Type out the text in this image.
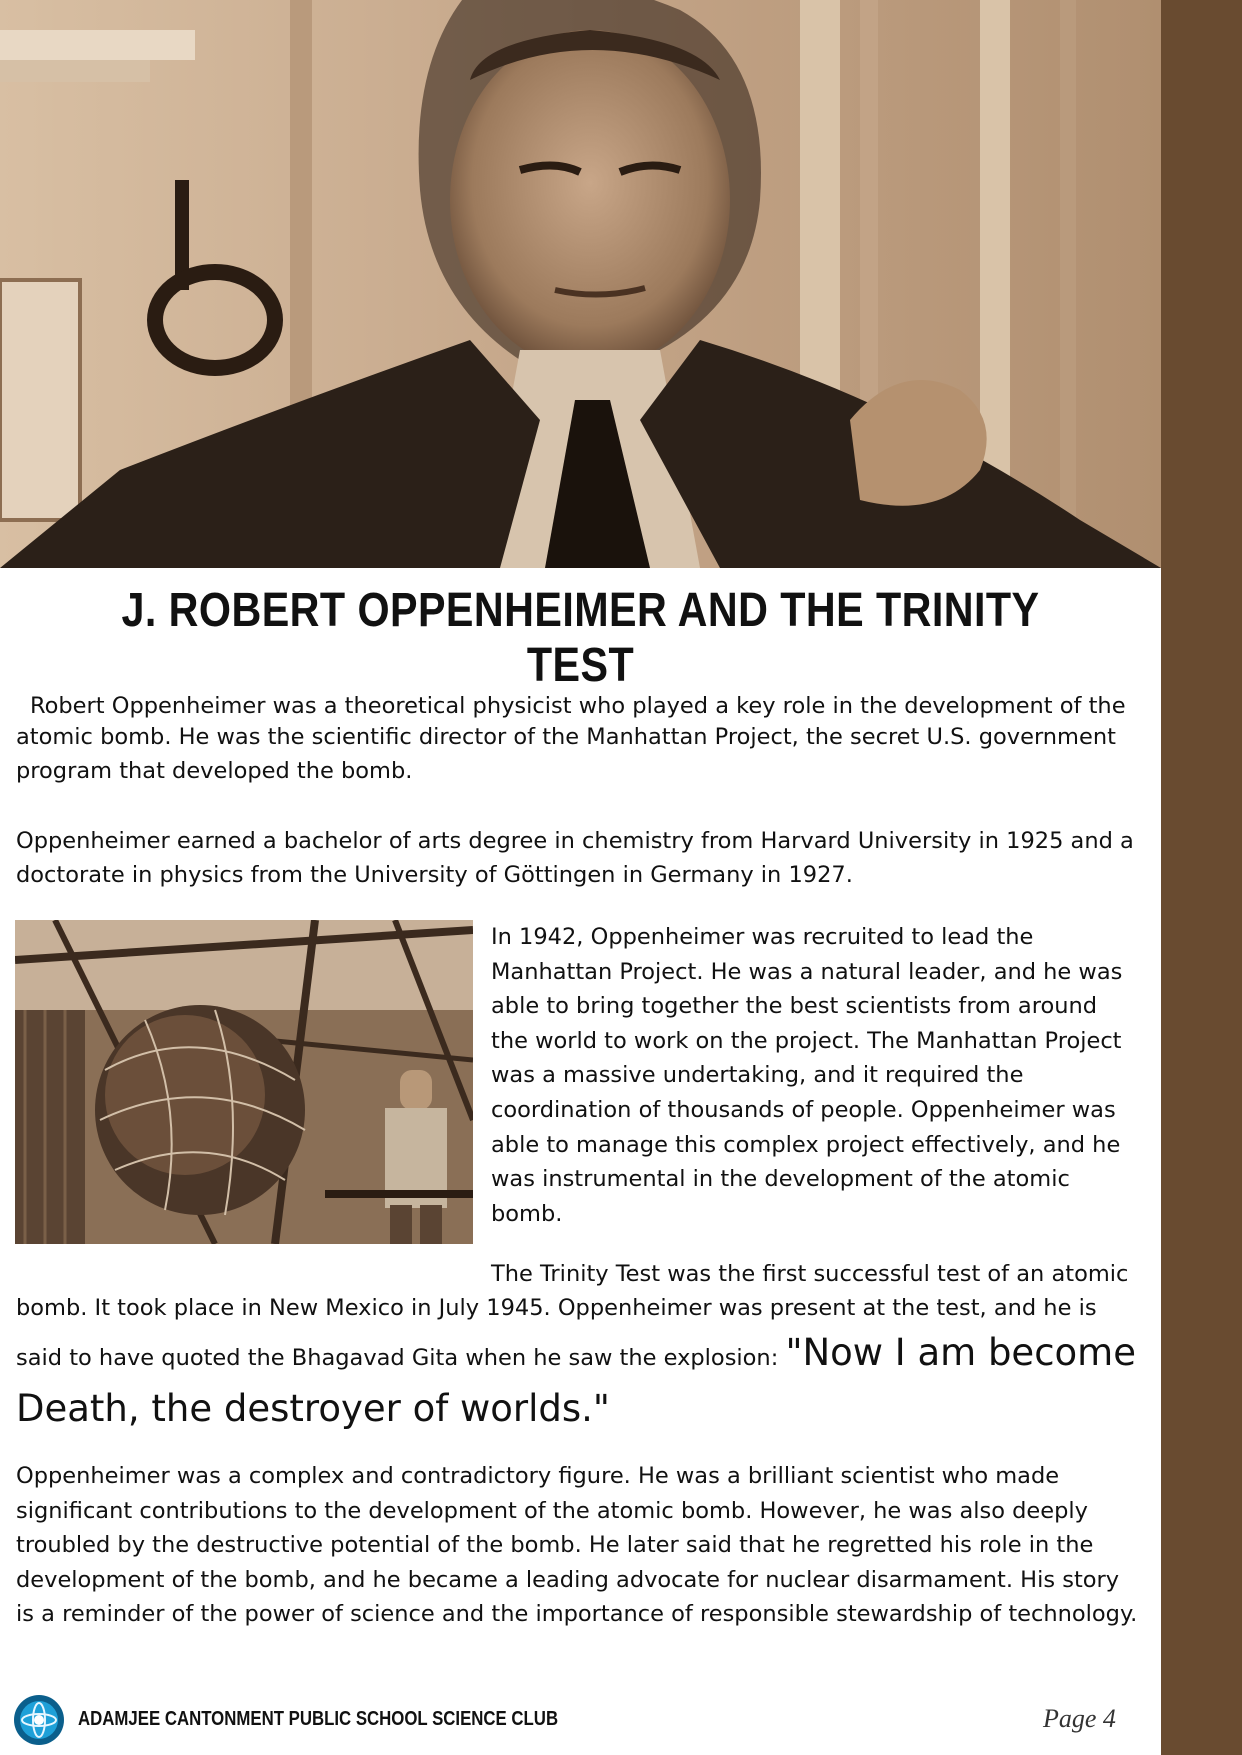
J. ROBERT OPPENHEIMER AND THE TRINITY TEST

Robert Oppenheimer was a theoretical physicist who played a key role in the development of the
atomic bomb. He was the scientific director of the Manhattan Project, the secret U.S. government program that developed the bomb.

Oppenheimer earned a bachelor of arts degree in chemistry from Harvard University in 1925 and a doctorate in physics from the University of Göttingen in Germany in 1927.

In 1942, Oppenheimer was recruited to lead the Manhattan Project. He was a natural leader, and he was able to bring together the best scientists from around the world to work on the project. The Manhattan Project was a massive undertaking, and it required the coordination of thousands of people. Oppenheimer was able to manage this complex project effectively, and he was instrumental in the development of the atomic bomb.

The Trinity Test was the first successful test of an atomic bomb. It took place in New Mexico in July 1945. Oppenheimer was present at the test, and he is said to have quoted the Bhagavad Gita when he saw the explosion: "Now I am become Death, the destroyer of worlds."

Oppenheimer was a complex and contradictory figure. He was a brilliant scientist who made significant contributions to the development of the atomic bomb. However, he was also deeply troubled by the destructive potential of the bomb. He later said that he regretted his role in the development of the bomb, and he became a leading advocate for nuclear disarmament. His story is a reminder of the power of science and the importance of responsible stewardship of technology.

ADAMJEE CANTONMENT PUBLIC SCHOOL SCIENCE CLUB	Page 4
